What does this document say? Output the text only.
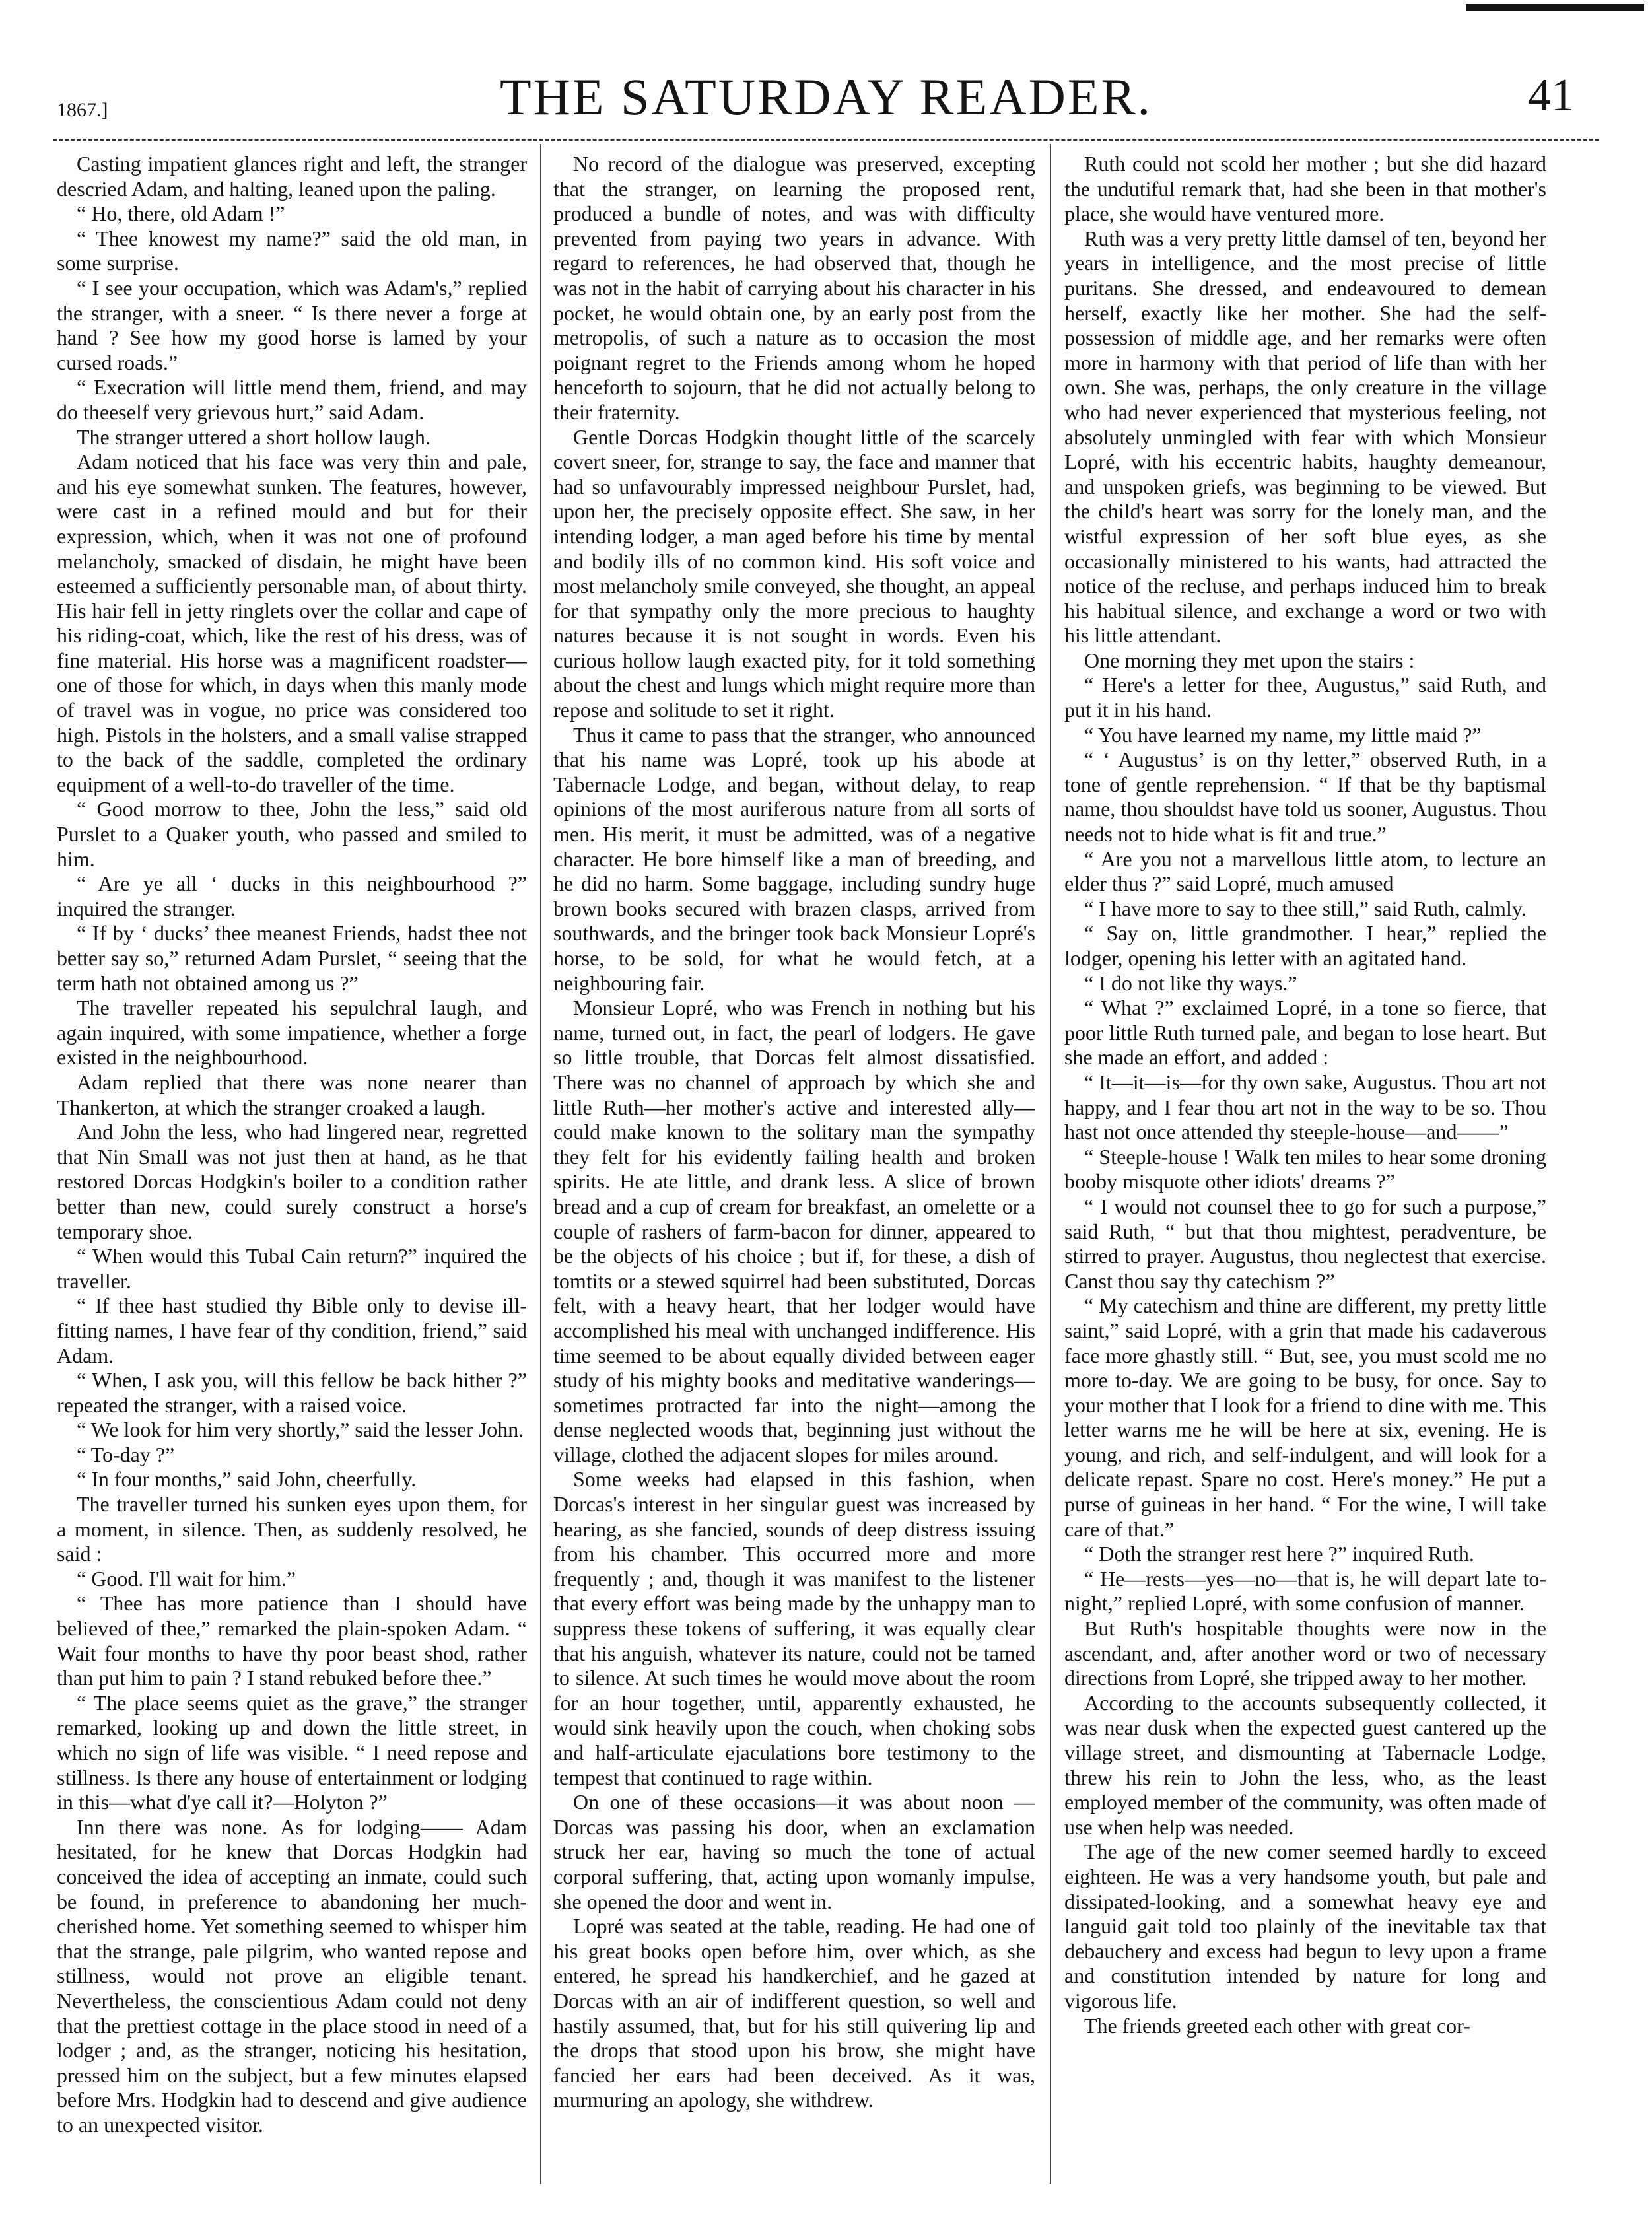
1867.]	THE SATURDAY READER.	41

Casting impatient glances right and left, the stranger descried Adam, and halting, leaned upon the paling.

“ Ho, there, old Adam !”

“ Thee knowest my name?” said the old man, in some surprise.

“ I see your occupation, which was Adam's,” replied the stranger, with a sneer. “ Is there never a forge at hand ? See how my good horse is lamed by your cursed roads.”

“ Execration will little mend them, friend, and may do theeself very grievous hurt,” said Adam.

The stranger uttered a short hollow laugh.

Adam noticed that his face was very thin and pale, and his eye somewhat sunken. The features, however, were cast in a refined mould and but for their expression, which, when it was not one of profound melancholy, smacked of disdain, he might have been esteemed a sufficiently personable man, of about thirty. His hair fell in jetty ringlets over the collar and cape of his riding-coat, which, like the rest of his dress, was of fine material. His horse was a magnificent roadster—one of those for which, in days when this manly mode of travel was in vogue, no price was considered too high. Pistols in the holsters, and a small valise strapped to the back of the saddle, completed the ordinary equipment of a well-to-do traveller of the time.

“ Good morrow to thee, John the less,” said old Purslet to a Quaker youth, who passed and smiled to him.

“ Are ye all ‘ ducks in this neighbourhood ?” inquired the stranger.

“ If by ‘ ducks’ thee meanest Friends, hadst thee not better say so,” returned Adam Purslet, “ seeing that the term hath not obtained among us ?”

The traveller repeated his sepulchral laugh, and again inquired, with some impatience, whether a forge existed in the neighbourhood.

Adam replied that there was none nearer than Thankerton, at which the stranger croaked a laugh.

And John the less, who had lingered near, regretted that Nin Small was not just then at hand, as he that restored Dorcas Hodgkin's boiler to a condition rather better than new, could surely construct a horse's temporary shoe.

“ When would this Tubal Cain return?” inquired the traveller.

“ If thee hast studied thy Bible only to devise ill-fitting names, I have fear of thy condition, friend,” said Adam.

“ When, I ask you, will this fellow be back hither ?” repeated the stranger, with a raised voice.

“ We look for him very shortly,” said the lesser John.

“ To-day ?”

“ In four months,” said John, cheerfully.

The traveller turned his sunken eyes upon them, for a moment, in silence. Then, as suddenly resolved, he said :

“ Good. I'll wait for him.”

“ Thee has more patience than I should have believed of thee,” remarked the plain-spoken Adam. “ Wait four months to have thy poor beast shod, rather than put him to pain ? I stand rebuked before thee.”

“ The place seems quiet as the grave,” the stranger remarked, looking up and down the little street, in which no sign of life was visible. “ I need repose and stillness. Is there any house of entertainment or lodging in this—what d'ye call it?—Holyton ?”

Inn there was none. As for lodging—— Adam hesitated, for he knew that Dorcas Hodgkin had conceived the idea of accepting an inmate, could such be found, in preference to abandoning her much-cherished home. Yet something seemed to whisper him that the strange, pale pilgrim, who wanted repose and stillness, would not prove an eligible tenant. Nevertheless, the conscientious Adam could not deny that the prettiest cottage in the place stood in need of a lodger ; and, as the stranger, noticing his hesitation, pressed him on the subject, but a few minutes elapsed before Mrs. Hodgkin had to descend and give audience to an unexpected visitor.

No record of the dialogue was preserved, excepting that the stranger, on learning the proposed rent, produced a bundle of notes, and was with difficulty prevented from paying two years in advance. With regard to references, he had observed that, though he was not in the habit of carrying about his character in his pocket, he would obtain one, by an early post from the metropolis, of such a nature as to occasion the most poignant regret to the Friends among whom he hoped henceforth to sojourn, that he did not actually belong to their fraternity.

Gentle Dorcas Hodgkin thought little of the scarcely covert sneer, for, strange to say, the face and manner that had so unfavourably impressed neighbour Purslet, had, upon her, the precisely opposite effect. She saw, in her intending lodger, a man aged before his time by mental and bodily ills of no common kind. His soft voice and most melancholy smile conveyed, she thought, an appeal for that sympathy only the more precious to haughty natures because it is not sought in words. Even his curious hollow laugh exacted pity, for it told something about the chest and lungs which might require more than repose and solitude to set it right.

Thus it came to pass that the stranger, who announced that his name was Lopré, took up his abode at Tabernacle Lodge, and began, without delay, to reap opinions of the most auriferous nature from all sorts of men. His merit, it must be admitted, was of a negative character. He bore himself like a man of breeding, and he did no harm. Some baggage, including sundry huge brown books secured with brazen clasps, arrived from southwards, and the bringer took back Monsieur Lopré's horse, to be sold, for what he would fetch, at a neighbouring fair.

Monsieur Lopré, who was French in nothing but his name, turned out, in fact, the pearl of lodgers. He gave so little trouble, that Dorcas felt almost dissatisfied. There was no channel of approach by which she and little Ruth—her mother's active and interested ally—could make known to the solitary man the sympathy they felt for his evidently failing health and broken spirits. He ate little, and drank less. A slice of brown bread and a cup of cream for breakfast, an omelette or a couple of rashers of farm-bacon for dinner, appeared to be the objects of his choice ; but if, for these, a dish of tomtits or a stewed squirrel had been substituted, Dorcas felt, with a heavy heart, that her lodger would have accomplished his meal with unchanged indifference. His time seemed to be about equally divided between eager study of his mighty books and meditative wanderings—sometimes protracted far into the night—among the dense neglected woods that, beginning just without the village, clothed the adjacent slopes for miles around.

Some weeks had elapsed in this fashion, when Dorcas's interest in her singular guest was increased by hearing, as she fancied, sounds of deep distress issuing from his chamber. This occurred more and more frequently ; and, though it was manifest to the listener that every effort was being made by the unhappy man to suppress these tokens of suffering, it was equally clear that his anguish, whatever its nature, could not be tamed to silence. At such times he would move about the room for an hour together, until, apparently exhausted, he would sink heavily upon the couch, when choking sobs and half-articulate ejaculations bore testimony to the tempest that continued to rage within.

On one of these occasions—it was about noon —Dorcas was passing his door, when an exclamation struck her ear, having so much the tone of actual corporal suffering, that, acting upon womanly impulse, she opened the door and went in.

Lopré was seated at the table, reading. He had one of his great books open before him, over which, as she entered, he spread his handkerchief, and he gazed at Dorcas with an air of indifferent question, so well and hastily assumed, that, but for his still quivering lip and the drops that stood upon his brow, she might have fancied her ears had been deceived. As it was, murmuring an apology, she withdrew.

Ruth could not scold her mother ; but she did hazard the undutiful remark that, had she been in that mother's place, she would have ventured more.

Ruth was a very pretty little damsel of ten, beyond her years in intelligence, and the most precise of little puritans. She dressed, and endeavoured to demean herself, exactly like her mother. She had the self-possession of middle age, and her remarks were often more in harmony with that period of life than with her own. She was, perhaps, the only creature in the village who had never experienced that mysterious feeling, not absolutely unmingled with fear with which Monsieur Lopré, with his eccentric habits, haughty demeanour, and unspoken griefs, was beginning to be viewed. But the child's heart was sorry for the lonely man, and the wistful expression of her soft blue eyes, as she occasionally ministered to his wants, had attracted the notice of the recluse, and perhaps induced him to break his habitual silence, and exchange a word or two with his little attendant.

One morning they met upon the stairs :

“ Here's a letter for thee, Augustus,” said Ruth, and put it in his hand.

“ You have learned my name, my little maid ?”

“ ‘ Augustus’ is on thy letter,” observed Ruth, in a tone of gentle reprehension. “ If that be thy baptismal name, thou shouldst have told us sooner, Augustus. Thou needs not to hide what is fit and true.”

“ Are you not a marvellous little atom, to lecture an elder thus ?” said Lopré, much amused

“ I have more to say to thee still,” said Ruth, calmly.

“ Say on, little grandmother. I hear,” replied the lodger, opening his letter with an agitated hand.

“ I do not like thy ways.”

“ What ?” exclaimed Lopré, in a tone so fierce, that poor little Ruth turned pale, and began to lose heart. But she made an effort, and added :

“ It—it—is—for thy own sake, Augustus. Thou art not happy, and I fear thou art not in the way to be so. Thou hast not once attended thy steeple-house—and——”

“ Steeple-house ! Walk ten miles to hear some droning booby misquote other idiots' dreams ?”

“ I would not counsel thee to go for such a purpose,” said Ruth, “ but that thou mightest, peradventure, be stirred to prayer. Augustus, thou neglectest that exercise. Canst thou say thy catechism ?”

“ My catechism and thine are different, my pretty little saint,” said Lopré, with a grin that made his cadaverous face more ghastly still. “ But, see, you must scold me no more to-day. We are going to be busy, for once. Say to your mother that I look for a friend to dine with me. This letter warns me he will be here at six, evening. He is young, and rich, and self-indulgent, and will look for a delicate repast. Spare no cost. Here's money.” He put a purse of guineas in her hand. “ For the wine, I will take care of that.”

“ Doth the stranger rest here ?” inquired Ruth.

“ He—rests—yes—no—that is, he will depart late to-night,” replied Lopré, with some confusion of manner.

But Ruth's hospitable thoughts were now in the ascendant, and, after another word or two of necessary directions from Lopré, she tripped away to her mother.

According to the accounts subsequently collected, it was near dusk when the expected guest cantered up the village street, and dismounting at Tabernacle Lodge, threw his rein to John the less, who, as the least employed member of the community, was often made of use when help was needed.

The age of the new comer seemed hardly to exceed eighteen. He was a very handsome youth, but pale and dissipated-looking, and a somewhat heavy eye and languid gait told too plainly of the inevitable tax that debauchery and excess had begun to levy upon a frame and constitution intended by nature for long and vigorous life.

The friends greeted each other with great cor-
